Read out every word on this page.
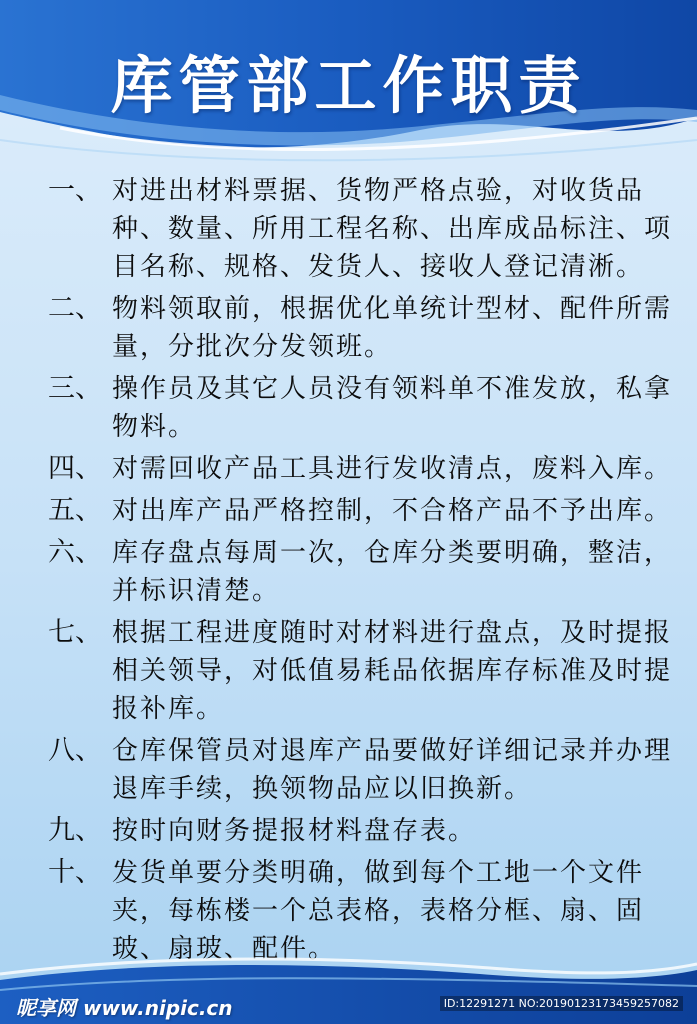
库管部工作职责
一、 对进出材料票据、货物严格点验，对收货品种、数量、所用工程名称、出库成品标注、项目名称、规格、发货人、接收人登记清淅。
二、 物料领取前，根据优化单统计型材、配件所需量，分批次分发领班。
三、 操作员及其它人员没有领料单不准发放，私拿物料。
四、 对需回收产品工具进行发收清点，废料入库。
五、 对出库产品严格控制，不合格产品不予出库。
六、 库存盘点每周一次，仓库分类要明确，整洁，并标识清楚。
七、 根据工程进度随时对材料进行盘点，及时提报相关领导，对低值易耗品依据库存标准及时提报补库。
八、 仓库保管员对退库产品要做好详细记录并办理退库手续，换领物品应以旧换新。
九、 按时向财务提报材料盘存表。
十、 发货单要分类明确，做到每个工地一个文件夹，每栋楼一个总表格，表格分框、扇、固玻、扇玻、配件。
昵享网 www.nipic.cn	ID:12291271 NO:20190123173459257082
